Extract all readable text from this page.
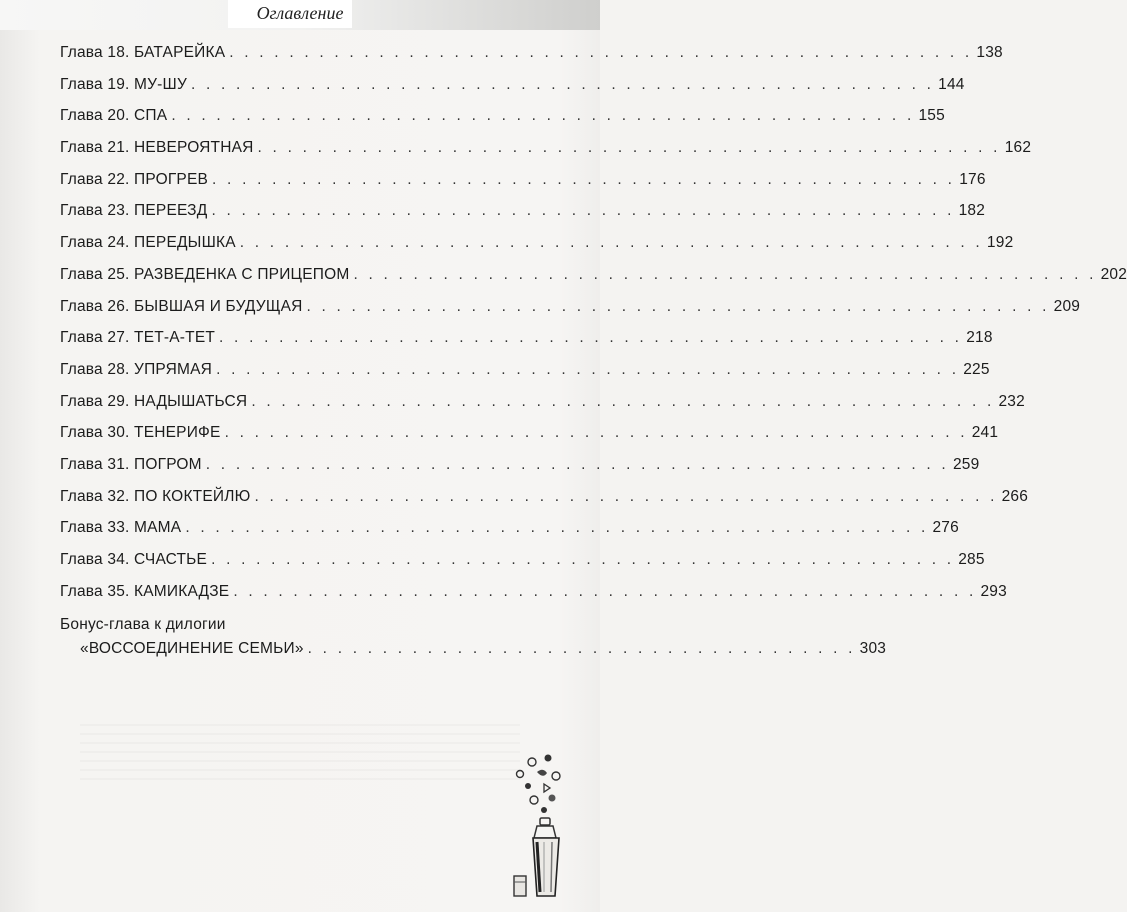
Оглавление
Глава 18. БАТАРЕЙКА . . . . . . . . . . . . . . . . . . . . . . . . . . . . . . . . . . . . . . . . . . . . . . . . . . 138
Глава 19. МУ-ШУ . . . . . . . . . . . . . . . . . . . . . . . . . . . . . . . . . . . . . . . . . . . . . . . . . . 144
Глава 20. СПА . . . . . . . . . . . . . . . . . . . . . . . . . . . . . . . . . . . . . . . . . . . . . . . . . . 155
Глава 21. НЕВЕРОЯТНАЯ . . . . . . . . . . . . . . . . . . . . . . . . . . . . . . . . . . . . . . . . . . . . . . . . . . 162
Глава 22. ПРОГРЕВ . . . . . . . . . . . . . . . . . . . . . . . . . . . . . . . . . . . . . . . . . . . . . . . . . . 176
Глава 23. ПЕРЕЕЗД . . . . . . . . . . . . . . . . . . . . . . . . . . . . . . . . . . . . . . . . . . . . . . . . . . 182
Глава 24. ПЕРЕДЫШКА . . . . . . . . . . . . . . . . . . . . . . . . . . . . . . . . . . . . . . . . . . . . . . . . . . 192
Глава 25. РАЗВЕДЕНКА С ПРИЦЕПОМ . . . . . . . . . . . . . . . . . . . . . . . . . . . . . . . . . . . . . . . . . . . . . . . . . . 202
Глава 26. БЫВШАЯ И БУДУЩАЯ . . . . . . . . . . . . . . . . . . . . . . . . . . . . . . . . . . . . . . . . . . . . . . . . . . 209
Глава 27. ТЕТ-А-ТЕТ . . . . . . . . . . . . . . . . . . . . . . . . . . . . . . . . . . . . . . . . . . . . . . . . . . 218
Глава 28. УПРЯМАЯ . . . . . . . . . . . . . . . . . . . . . . . . . . . . . . . . . . . . . . . . . . . . . . . . . . 225
Глава 29. НАДЫШАТЬСЯ . . . . . . . . . . . . . . . . . . . . . . . . . . . . . . . . . . . . . . . . . . . . . . . . . . 232
Глава 30. ТЕНЕРИФЕ . . . . . . . . . . . . . . . . . . . . . . . . . . . . . . . . . . . . . . . . . . . . . . . . . . 241
Глава 31. ПОГРОМ . . . . . . . . . . . . . . . . . . . . . . . . . . . . . . . . . . . . . . . . . . . . . . . . . . 259
Глава 32. ПО КОКТЕЙЛЮ . . . . . . . . . . . . . . . . . . . . . . . . . . . . . . . . . . . . . . . . . . . . . . . . . . 266
Глава 33. МАМА . . . . . . . . . . . . . . . . . . . . . . . . . . . . . . . . . . . . . . . . . . . . . . . . . . 276
Глава 34. СЧАСТЬЕ . . . . . . . . . . . . . . . . . . . . . . . . . . . . . . . . . . . . . . . . . . . . . . . . . . 285
Глава 35. КАМИКАДЗЕ . . . . . . . . . . . . . . . . . . . . . . . . . . . . . . . . . . . . . . . . . . . . . . . . . . 293
Бонус-глава к дилогии
«ВОССОЕДИНЕНИЕ СЕМЬИ» . . . . . . . . . . . . . . . . . . . . . . . . . . . . . . . . . . . . . 303
